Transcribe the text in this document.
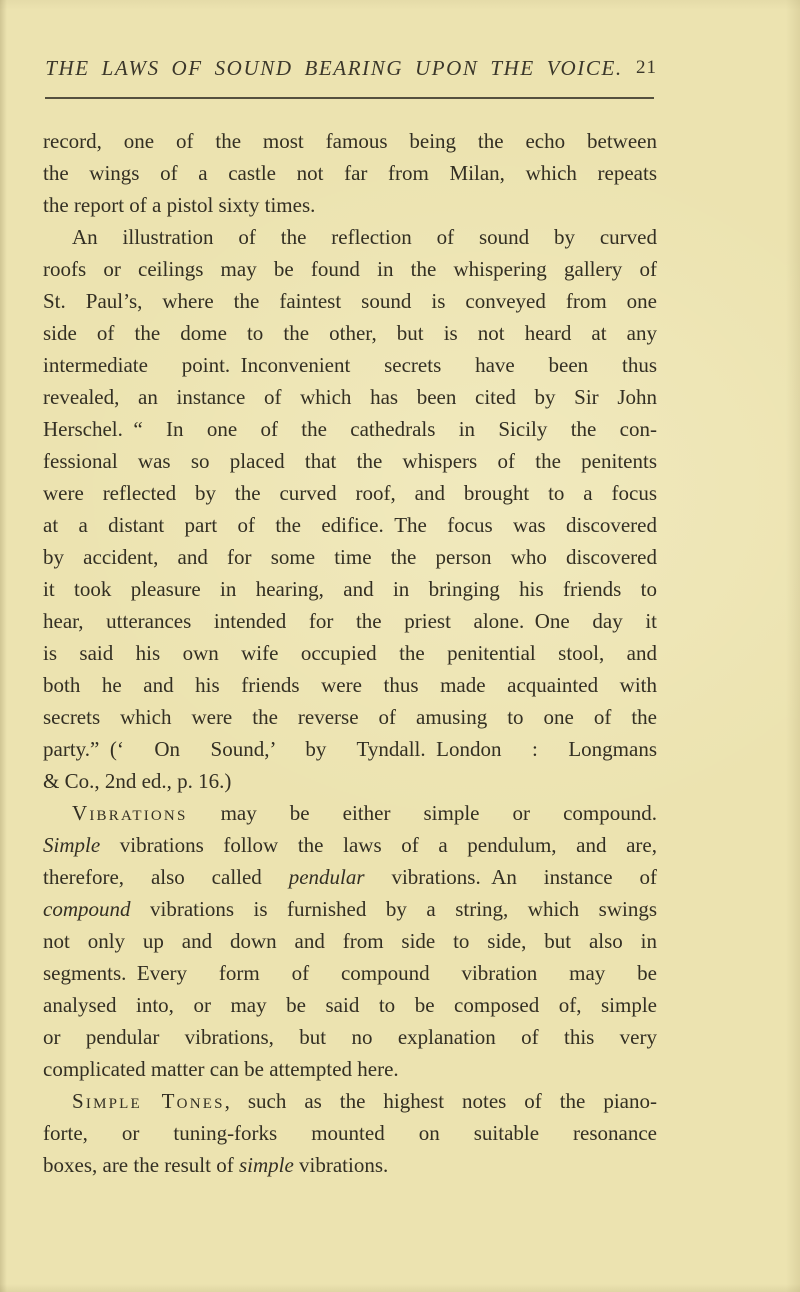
THE LAWS OF SOUND BEARING UPON THE VOICE. 21
record, one of the most famous being the echo between
the wings of a castle not far from Milan, which repeats
the report of a pistol sixty times.
An illustration of the reflection of sound by curved
roofs or ceilings may be found in the whispering gallery of
St. Paul’s, where the faintest sound is conveyed from one
side of the dome to the other, but is not heard at any
intermediate point. Inconvenient secrets have been thus
revealed, an instance of which has been cited by Sir John
Herschel. “ In one of the cathedrals in Sicily the con-
fessional was so placed that the whispers of the penitents
were reflected by the curved roof, and brought to a focus
at a distant part of the edifice. The focus was discovered
by accident, and for some time the person who discovered
it took pleasure in hearing, and in bringing his friends to
hear, utterances intended for the priest alone. One day it
is said his own wife occupied the penitential stool, and
both he and his friends were thus made acquainted with
secrets which were the reverse of amusing to one of the
party.” (‘ On Sound,’ by Tyndall. London : Longmans
& Co., 2nd ed., p. 16.)
Vibrations may be either simple or compound.
Simple vibrations follow the laws of a pendulum, and are,
therefore, also called pendular vibrations. An instance of
compound vibrations is furnished by a string, which swings
not only up and down and from side to side, but also in
segments. Every form of compound vibration may be
analysed into, or may be said to be composed of, simple
or pendular vibrations, but no explanation of this very
complicated matter can be attempted here.
Simple Tones, such as the highest notes of the piano-
forte, or tuning-forks mounted on suitable resonance
boxes, are the result of simple vibrations.
